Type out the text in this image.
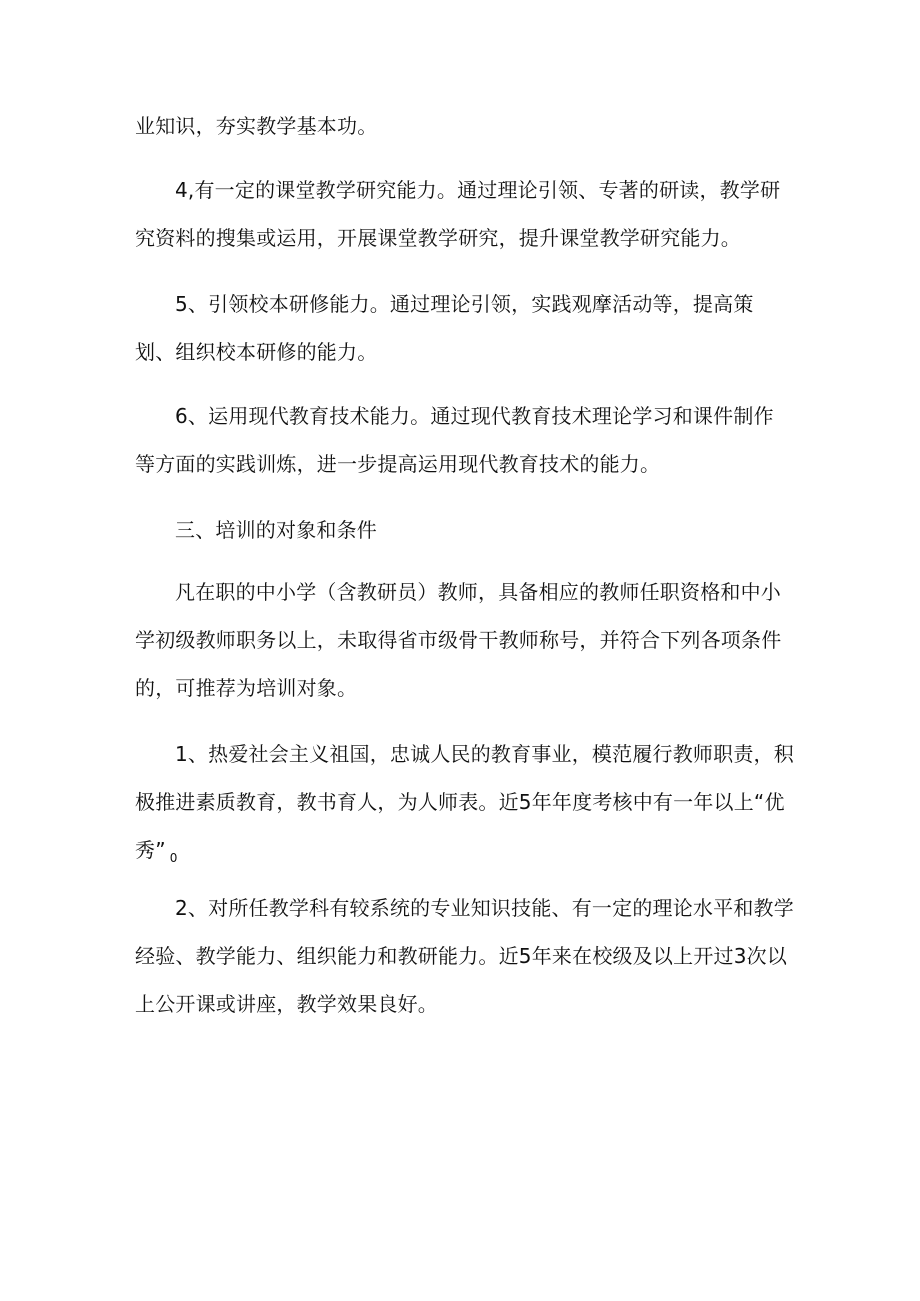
业知识，夯实教学基本功。
4,有一定的课堂教学研究能力。通过理论引领、专著的研读，教学研
究资料的搜集或运用，开展课堂教学研究，提升课堂教学研究能力。
5、引领校本研修能力。通过理论引领，实践观摩活动等，提高策
划、组织校本研修的能力。
6、运用现代教育技术能力。通过现代教育技术理论学习和课件制作
等方面的实践训炼，进一步提高运用现代教育技术的能力。
三、培训的对象和条件
凡在职的中小学（含教研员）教师，具备相应的教师任职资格和中小
学初级教师职务以上，未取得省市级骨干教师称号，并符合下列各项条件
的，可推荐为培训对象。
1、热爱社会主义祖国，忠诚人民的教育事业，模范履行教师职责，积
极推进素质教育，教书育人，为人师表。近5年年度考核中有一年以上“优
秀” $_0$
2、对所任教学科有较系统的专业知识技能、有一定的理论水平和教学
经验、教学能力、组织能力和教研能力。近5年来在校级及以上开过3次以
上公开课或讲座，教学效果良好。
